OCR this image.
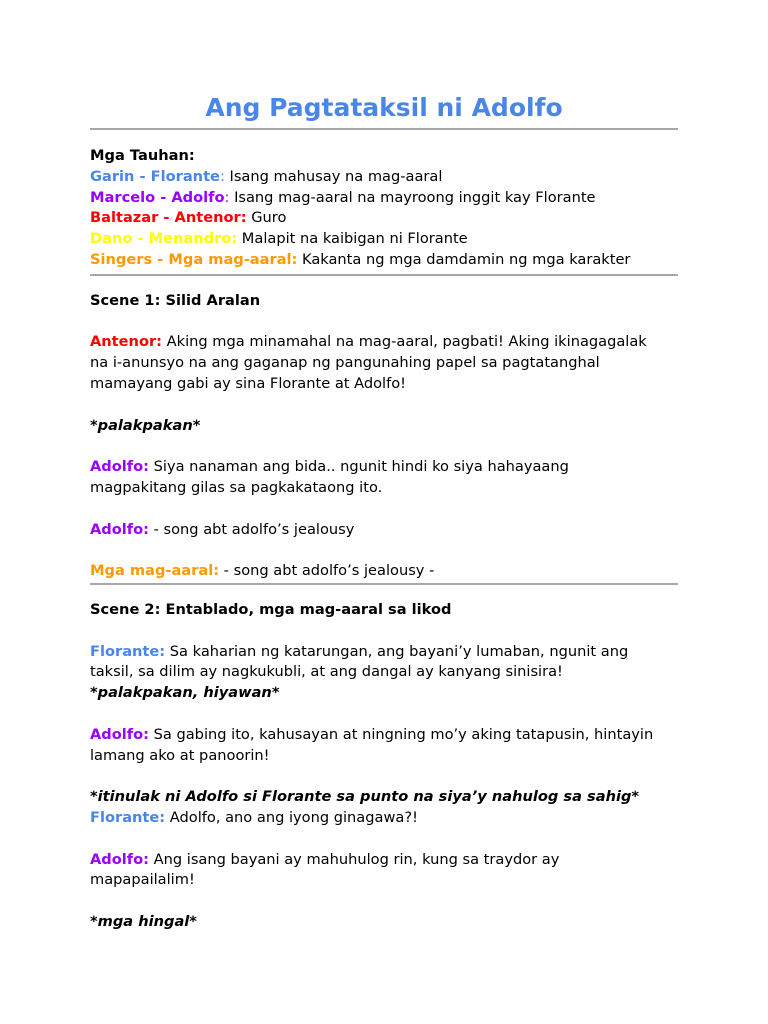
Ang Pagtataksil ni Adolfo
Mga Tauhan:
Garin - Florante: Isang mahusay na mag-aaral
Marcelo - Adolfo: Isang mag-aaral na mayroong inggit kay Florante
Baltazar - Antenor: Guro
Dano - Menandro: Malapit na kaibigan ni Florante
Singers - Mga mag-aaral: Kakanta ng mga damdamin ng mga karakter
Scene 1: Silid Aralan
Antenor: Aking mga minamahal na mag-aaral, pagbati! Aking ikinagagalak
na i-anunsyo na ang gaganap ng pangunahing papel sa pagtatanghal
mamayang gabi ay sina Florante at Adolfo!
*palakpakan*
Adolfo: Siya nanaman ang bida.. ngunit hindi ko siya hahayaang
magpakitang gilas sa pagkakataong ito.
Adolfo: - song abt adolfo’s jealousy
Mga mag-aaral: - song abt adolfo’s jealousy -
Scene 2: Entablado, mga mag-aaral sa likod
Florante: Sa kaharian ng katarungan, ang bayani’y lumaban, ngunit ang
taksil, sa dilim ay nagkukubli, at ang dangal ay kanyang sinisira!
*palakpakan, hiyawan*
Adolfo: Sa gabing ito, kahusayan at ningning mo’y aking tatapusin, hintayin
lamang ako at panoorin!
*itinulak ni Adolfo si Florante sa punto na siya’y nahulog sa sahig*
Florante: Adolfo, ano ang iyong ginagawa?!
Adolfo: Ang isang bayani ay mahuhulog rin, kung sa traydor ay
mapapailalim!
*mga hingal*
